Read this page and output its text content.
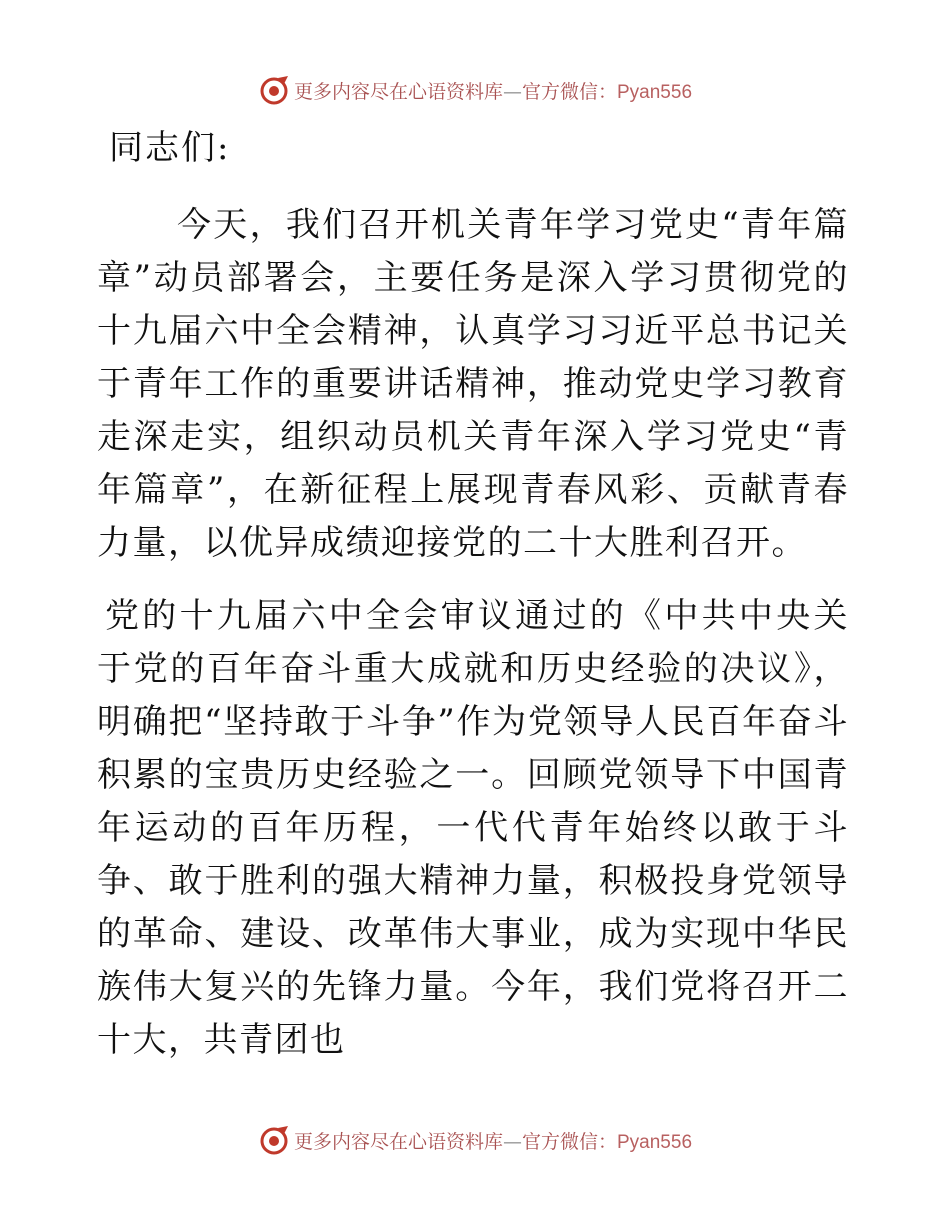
更多内容尽在心语资料库—官方微信：Pyan556

同志们:

今天，我们召开机关青年学习党史“青年篇章”动员部署会，主要任务是深入学习贯彻党的十九届六中全会精神，认真学习习近平总书记关于青年工作的重要讲话精神，推动党史学习教育走深走实，组织动员机关青年深入学习党史“青年篇章”，在新征程上展现青春风彩、贡献青春力量，以优异成绩迎接党的二十大胜利召开。

党的十九届六中全会审议通过的《中共中央关于党的百年奋斗重大成就和历史经验的决议》，明确把“坚持敢于斗争”作为党领导人民百年奋斗积累的宝贵历史经验之一。回顾党领导下中国青年运动的百年历程，一代代青年始终以敢于斗争、敢于胜利的强大精神力量，积极投身党领导的革命、建设、改革伟大事业，成为实现中华民族伟大复兴的先锋力量。今年，我们党将召开二十大，共青团也

更多内容尽在心语资料库—官方微信：Pyan556
